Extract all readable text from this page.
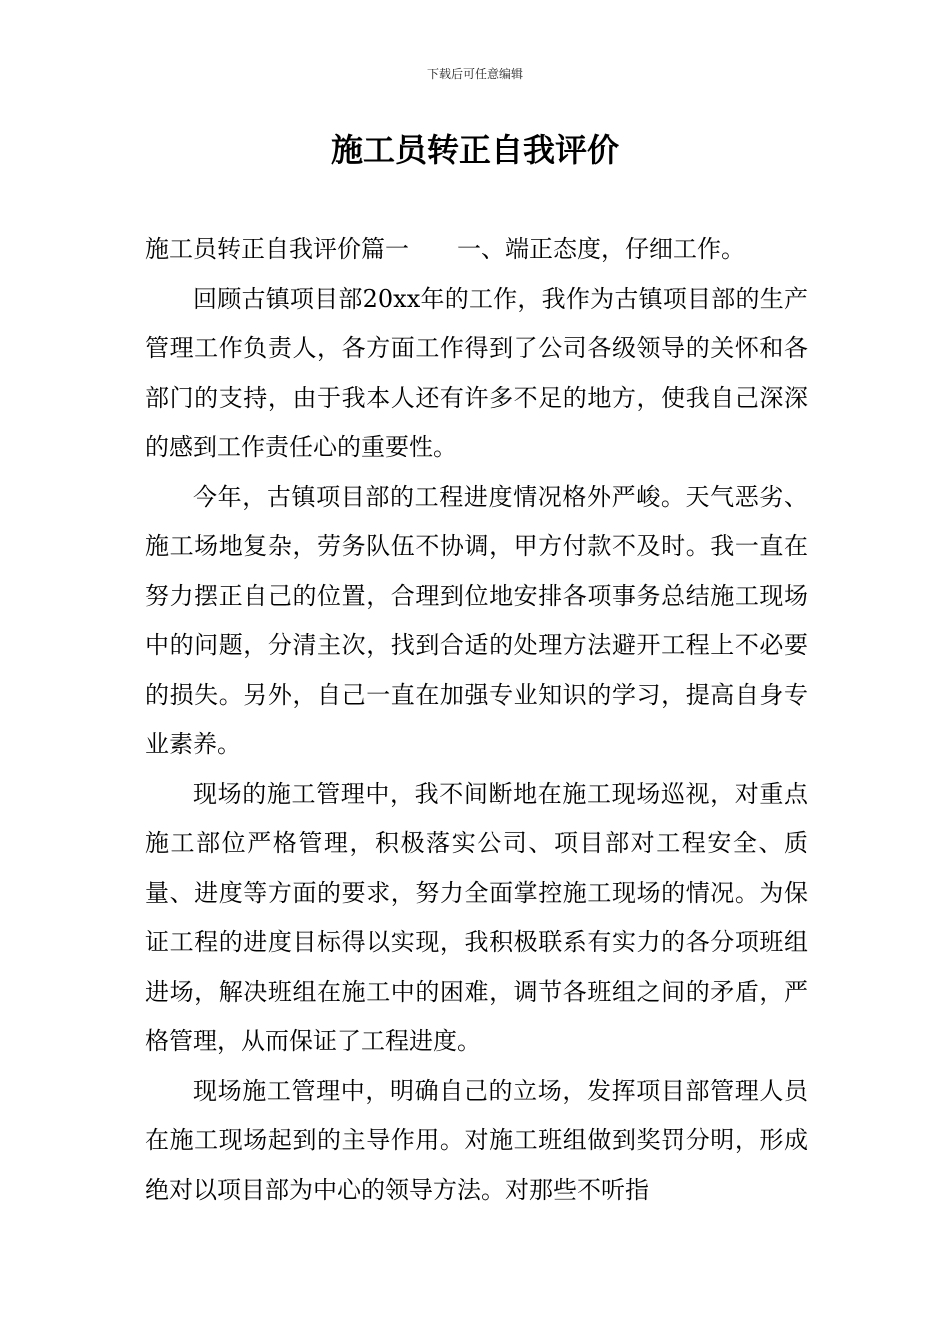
下载后可任意编辑
施工员转正自我评价

施工员转正自我评价篇一　　 一、端正态度，仔细工作。

回顾古镇项目部20xx年的工作，我作为古镇项目部的生产管理工作负责人，各方面工作得到了公司各级领导的关怀和各部门的支持，由于我本人还有许多不足的地方，使我自己深深的感到工作责任心的重要性。

今年，古镇项目部的工程进度情况格外严峻。天气恶劣、施工场地复杂，劳务队伍不协调，甲方付款不及时。我一直在努力摆正自己的位置，合理到位地安排各项事务总结施工现场中的问题，分清主次，找到合适的处理方法避开工程上不必要的损失。另外，自己一直在加强专业知识的学习，提高自身专业素养。

现场的施工管理中，我不间断地在施工现场巡视，对重点施工部位严格管理，积极落实公司、项目部对工程安全、质量、进度等方面的要求，努力全面掌控施工现场的情况。为保证工程的进度目标得以实现，我积极联系有实力的各分项班组进场，解决班组在施工中的困难，调节各班组之间的矛盾，严格管理，从而保证了工程进度。

现场施工管理中，明确自己的立场，发挥项目部管理人员在施工现场起到的主导作用。对施工班组做到奖罚分明，形成绝对以项目部为中心的领导方法。对那些不听指
